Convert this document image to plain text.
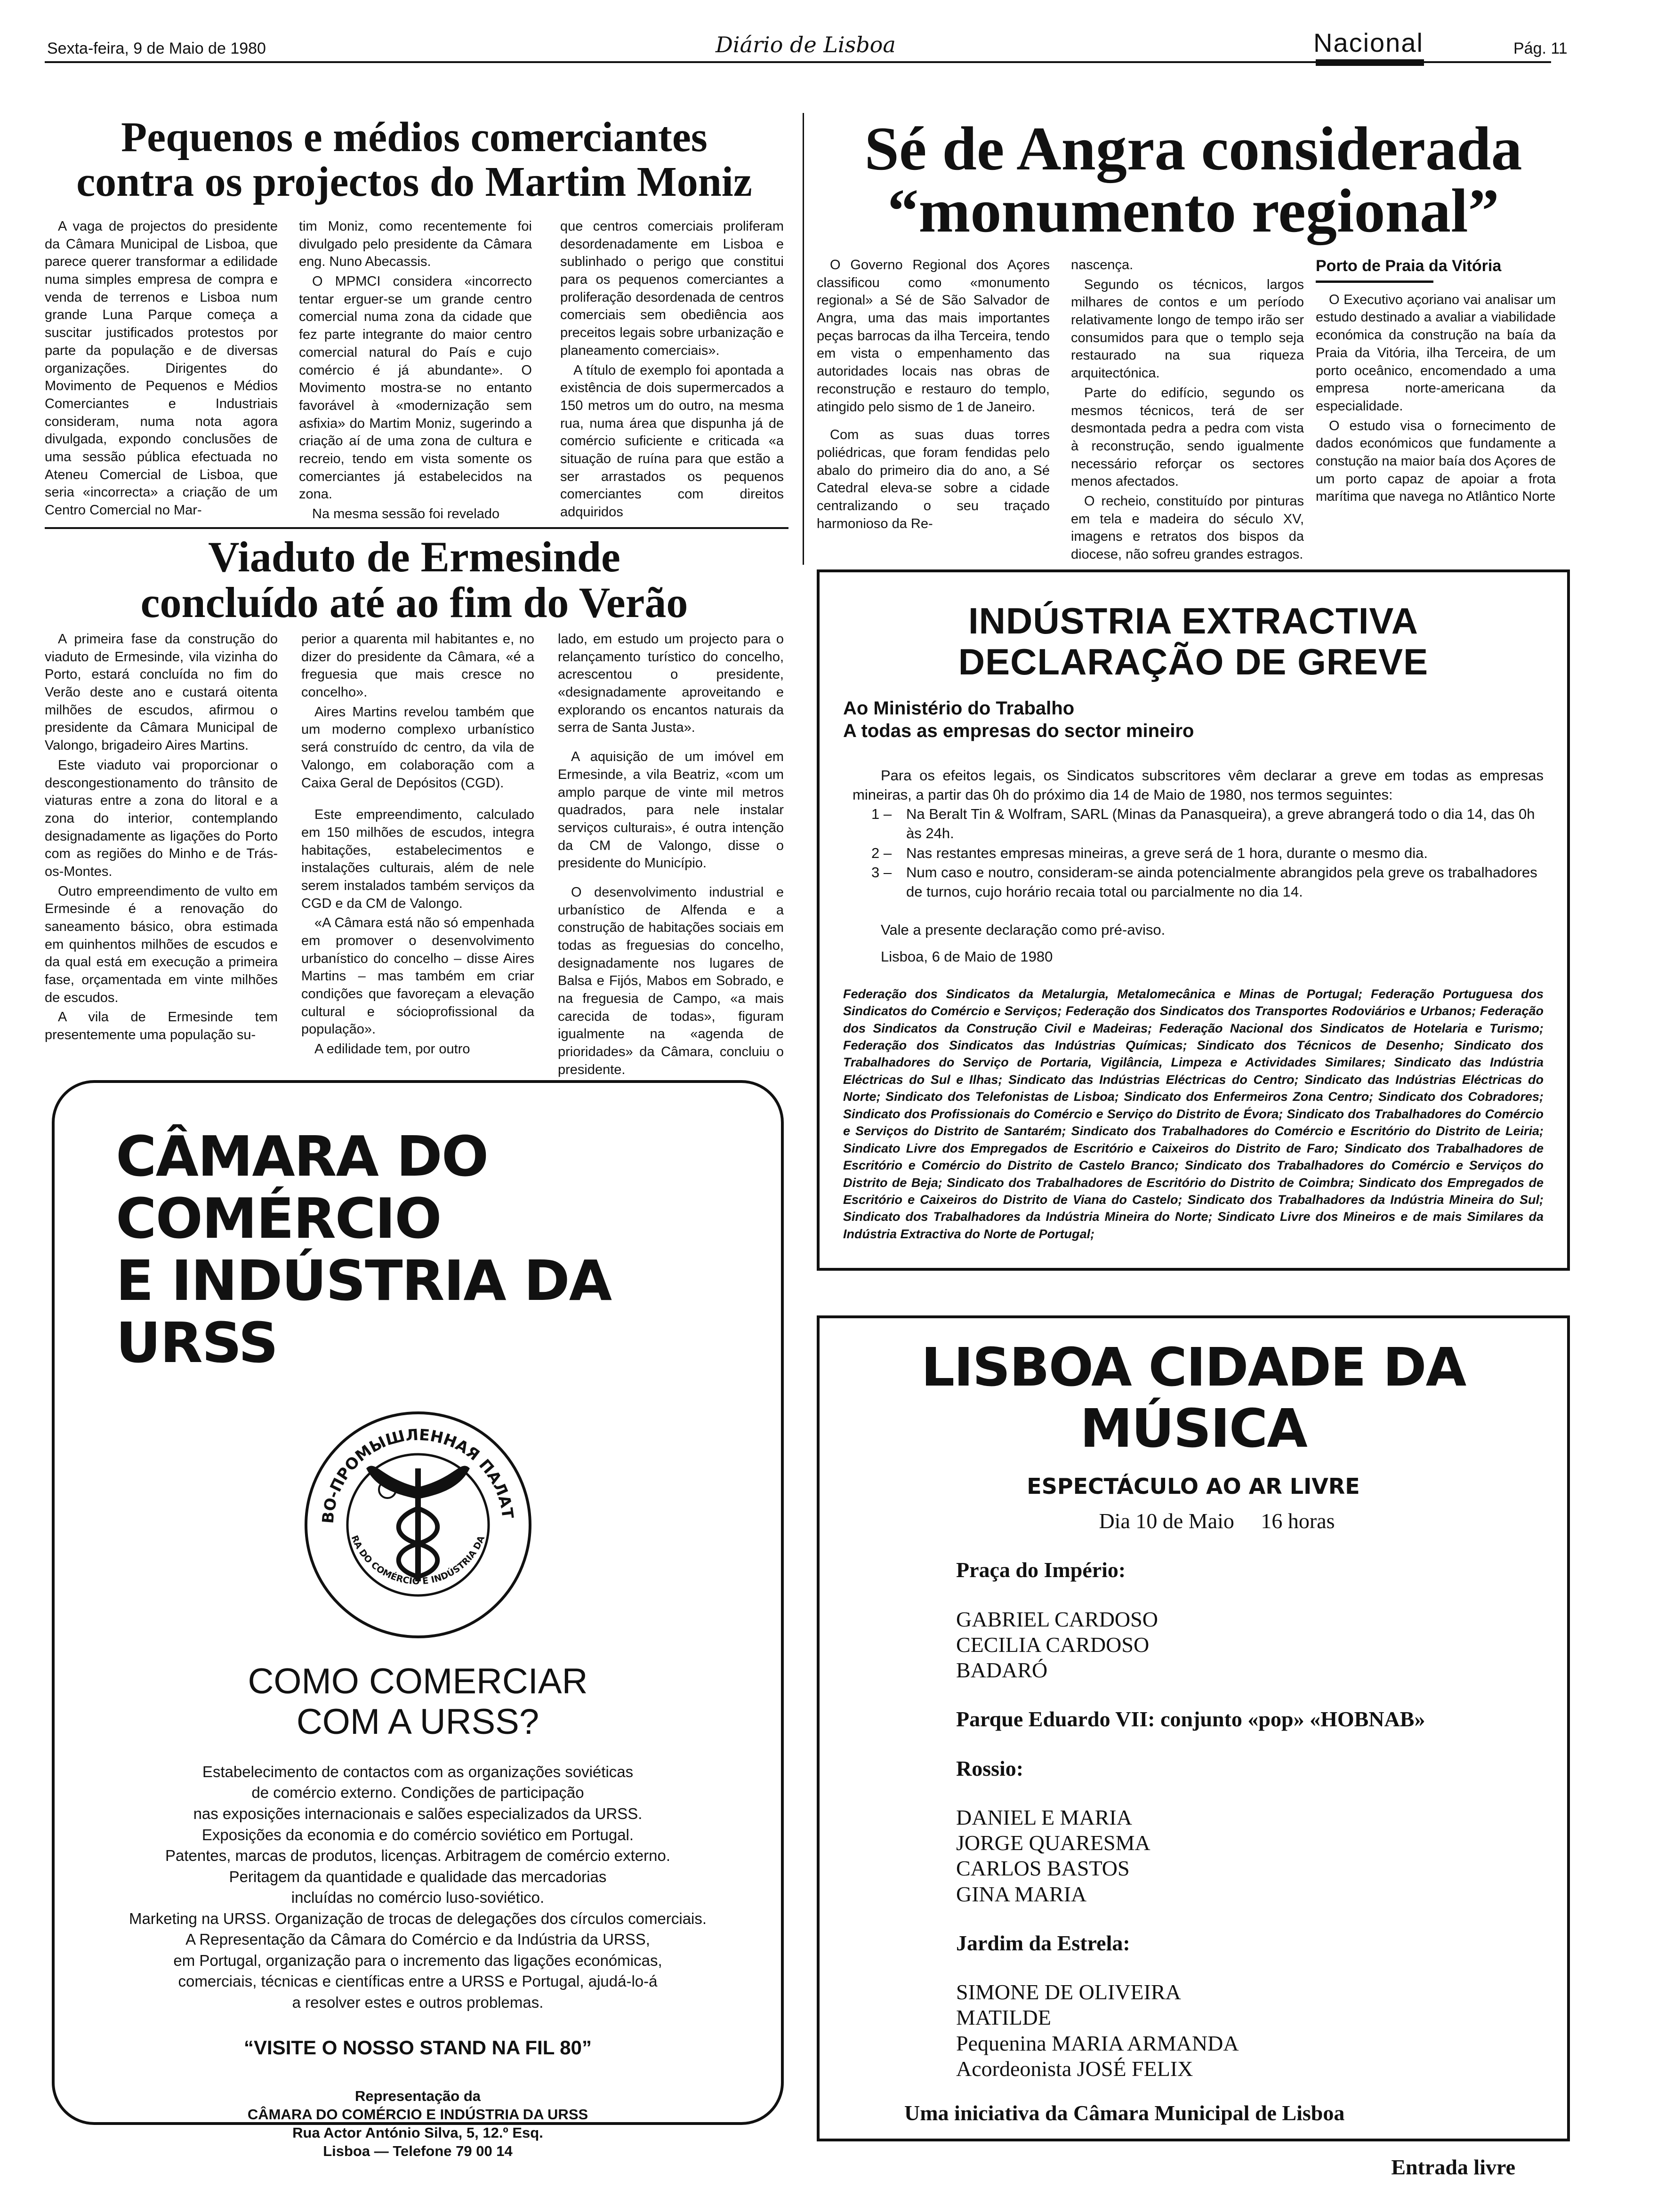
Sexta-feira, 9 de Maio de 1980	Diário de Lisboa	Nacional	Pág. 11
Pequenos e médios comerciantes
contra os projectos do Martim Moniz

A vaga de projectos do presidente da Câmara Municipal de Lisboa, que parece querer transformar a edilidade numa simples empresa de compra e venda de terrenos e Lisboa num grande Luna Parque começa a suscitar justificados protestos por parte da população e de diversas organizações. Dirigentes do Movimento de Pequenos e Médios Comerciantes e Industriais consideram, numa nota agora divulgada, expondo conclusões de uma sessão pública efectuada no Ateneu Comercial de Lisboa, que seria «incorrecta» a criação de um Centro Comercial no Mar-

tim Moniz, como recentemente foi divulgado pelo presidente da Câmara eng. Nuno Abecassis.

O MPMCI considera «incorrecto tentar erguer-se um grande centro comercial numa zona da cidade que fez parte integrante do maior centro comercial natural do País e cujo comércio é já abundante». O Movimento mostra-se no entanto favorável à «modernização sem asfixia» do Martim Moniz, sugerindo a criação aí de uma zona de cultura e recreio, tendo em vista somente os comerciantes já estabelecidos na zona.

Na mesma sessão foi revelado

que centros comerciais proliferam desordenadamente em Lisboa e sublinhado o perigo que constitui para os pequenos comerciantes a proliferação desordenada de centros comerciais sem obediência aos preceitos legais sobre urbanização e planeamento comerciais».

A título de exemplo foi apontada a existência de dois supermercados a 150 metros um do outro, na mesma rua, numa área que dispunha já de comércio suficiente e criticada «a situação de ruína para que estão a ser arrastados os pequenos comerciantes com direitos adquiridos

Sé de Angra considerada
“monumento regional”

O Governo Regional dos Açores classificou como «monumento regional» a Sé de São Salvador de Angra, uma das mais importantes peças barrocas da ilha Terceira, tendo em vista o empenhamento das autoridades locais nas obras de reconstrução e restauro do templo, atingido pelo sismo de 1 de Janeiro.

Com as suas duas torres poliédricas, que foram fendidas pelo abalo do primeiro dia do ano, a Sé Catedral eleva-se sobre a cidade centralizando o seu traçado harmonioso da Re-

nascença.

Segundo os técnicos, largos milhares de contos e um período relativamente longo de tempo irão ser consumidos para que o templo seja restaurado na sua riqueza arquitectónica.

Parte do edifício, segundo os mesmos técnicos, terá de ser desmontada pedra a pedra com vista à reconstrução, sendo igualmente necessário reforçar os sectores menos afectados.

O recheio, constituído por pinturas em tela e madeira do século XV, imagens e retratos dos bispos da diocese, não sofreu grandes estragos.

Porto de Praia da Vitória

O Executivo açoriano vai analisar um estudo destinado a avaliar a viabilidade económica da construção na baía da Praia da Vitória, ilha Terceira, de um porto oceânico, encomendado a uma empresa norte-americana da especialidade.

O estudo visa o fornecimento de dados económicos que fundamente a constução na maior baía dos Açores de um porto capaz de apoiar a frota marítima que navega no Atlântico Norte

Viaduto de Ermesinde
concluído até ao fim do Verão

A primeira fase da construção do viaduto de Ermesinde, vila vizinha do Porto, estará concluída no fim do Verão deste ano e custará oitenta milhões de escudos, afirmou o presidente da Câmara Municipal de Valongo, brigadeiro Aires Martins.

Este viaduto vai proporcionar o descongestionamento do trânsito de viaturas entre a zona do litoral e a zona do interior, contemplando designadamente as ligações do Porto com as regiões do Minho e de Trás-os-Montes.

Outro empreendimento de vulto em Ermesinde é a renovação do saneamento básico, obra estimada em quinhentos milhões de escudos e da qual está em execução a primeira fase, orçamentada em vinte milhões de escudos.

A vila de Ermesinde tem presentemente uma população su-

perior a quarenta mil habitantes e, no dizer do presidente da Câmara, «é a freguesia que mais cresce no concelho».

Aires Martins revelou também que um moderno complexo urbanístico será construído dc centro, da vila de Valongo, em colaboração com a Caixa Geral de Depósitos (CGD).

Este empreendimento, calculado em 150 milhões de escudos, integra habitações, estabelecimentos e instalações culturais, além de nele serem instalados também serviços da CGD e da CM de Valongo.

«A Câmara está não só empenhada em promover o desenvolvimento urbanístico do concelho – disse Aires Martins – mas também em criar condições que favoreçam a elevação cultural e sócioprofissional da população».

A edilidade tem, por outro

lado, em estudo um projecto para o relançamento turístico do concelho, acrescentou o presidente, «designadamente aproveitando e explorando os encantos naturais da serra de Santa Justa».

A aquisição de um imóvel em Ermesinde, a vila Beatriz, «com um amplo parque de vinte mil metros quadrados, para nele instalar serviços culturais», é outra intenção da CM de Valongo, disse o presidente do Município.

O desenvolvimento industrial e urbanístico de Alfenda e a construção de habitações sociais em todas as freguesias do concelho, designadamente nos lugares de Balsa e Fijós, Mabos em Sobrado, e na freguesia de Campo, «a mais carecida de todas», figuram igualmente na «agenda de prioridades» da Câmara, concluiu o presidente.

INDÚSTRIA EXTRACTIVA
DECLARAÇÃO DE GREVE
Ao Ministério do Trabalho
A todas as empresas do sector mineiro

Para os efeitos legais, os Sindicatos subscritores vêm declarar a greve em todas as empresas mineiras, a partir das 0h do próximo dia 14 de Maio de 1980, nos termos seguintes:

1 – Na Beralt Tin & Wolfram, SARL (Minas da Panasqueira), a greve abrangerá todo o dia 14, das 0h às 24h.
2 – Nas restantes empresas mineiras, a greve será de 1 hora, durante o mesmo dia.
3 – Num caso e noutro, consideram-se ainda potencialmente abrangidos pela greve os trabalhadores de turnos, cujo horário recaia total ou parcialmente no dia 14.

Vale a presente declaração como pré-aviso.

Lisboa, 6 de Maio de 1980

Federação dos Sindicatos da Metalurgia, Metalomecânica e Minas de Portugal; Federação Portuguesa dos Sindicatos do Comércio e Serviços; Federação dos Sindicatos dos Transportes Rodoviários e Urbanos; Federação dos Sindicatos da Construção Civil e Madeiras; Federação Nacional dos Sindicatos de Hotelaria e Turismo; Federação dos Sindicatos das Indústrias Químicas; Sindicato dos Técnicos de Desenho; Sindicato dos Trabalhadores do Serviço de Portaria, Vigilância, Limpeza e Actividades Similares; Sindicato das Indústria Eléctricas do Sul e Ilhas; Sindicato das Indústrias Eléctricas do Centro; Sindicato das Indústrias Eléctricas do Norte; Sindicato dos Telefonistas de Lisboa; Sindicato dos Enfermeiros Zona Centro; Sindicato dos Cobradores; Sindicato dos Profissionais do Comércio e Serviço do Distrito de Évora; Sindicato dos Trabalhadores do Comércio e Serviços do Distrito de Santarém; Sindicato dos Trabalhadores do Comércio e Escritório do Distrito de Leiria; Sindicato Livre dos Empregados de Escritório e Caixeiros do Distrito de Faro; Sindicato dos Trabalhadores de Escritório e Comércio do Distrito de Castelo Branco; Sindicato dos Trabalhadores do Comércio e Serviços do Distrito de Beja; Sindicato dos Trabalhadores de Escritório do Distrito de Coimbra; Sindicato dos Empregados de Escritório e Caixeiros do Distrito de Viana do Castelo; Sindicato dos Trabalhadores da Indústria Mineira do Sul; Sindicato dos Trabalhadores da Indústria Mineira do Norte; Sindicato Livre dos Mineiros e de mais Similares da Indústria Extractiva do Norte de Portugal;
CÂMARA DO COMÉRCIO
E INDÚSTRIA DA URSS
ВО-ПРОМЫШЛЕННАЯ ПАЛАТ
RA DO COMÉRCIO E INDÚSTRIA DA
COMO COMERCIAR
COM A URSS?
Estabelecimento de contactos com as organizações soviéticas
de comércio externo. Condições de participação
nas exposições internacionais e salões especializados da URSS.
Exposições da economia e do comércio soviético em Portugal.
Patentes, marcas de produtos, licenças. Arbitragem de comércio externo.
Peritagem da quantidade e qualidade das mercadorias
incluídas no comércio luso-soviético.
Marketing na URSS. Organização de trocas de delegações dos círculos comerciais.
A Representação da Câmara do Comércio e da Indústria da URSS,
em Portugal, organização para o incremento das ligações económicas,
comerciais, técnicas e científicas entre a URSS e Portugal, ajudá-lo-á
a resolver estes e outros problemas.
“VISITE O NOSSO STAND NA FIL 80”
Representação da
CÂMARA DO COMÉRCIO E INDÚSTRIA DA URSS
Rua Actor António Silva, 5, 12.º Esq.
Lisboa — Telefone 79 00 14
LISBOA CIDADE DA MÚSICA
ESPECTÁCULO AO AR LIVRE
Dia 10 de Maio 16 horas
Praça do Império:
GABRIEL CARDOSO
CECILIA CARDOSO
BADARÓ
Parque Eduardo VII: conjunto «pop» «HOBNAB»
Rossio:
DANIEL E MARIA
JORGE QUARESMA
CARLOS BASTOS
GINA MARIA
Jardim da Estrela:
SIMONE DE OLIVEIRA
MATILDE
Pequenina MARIA ARMANDA
Acordeonista JOSÉ FELIX
Uma iniciativa da Câmara Municipal de Lisboa
Entrada livre
